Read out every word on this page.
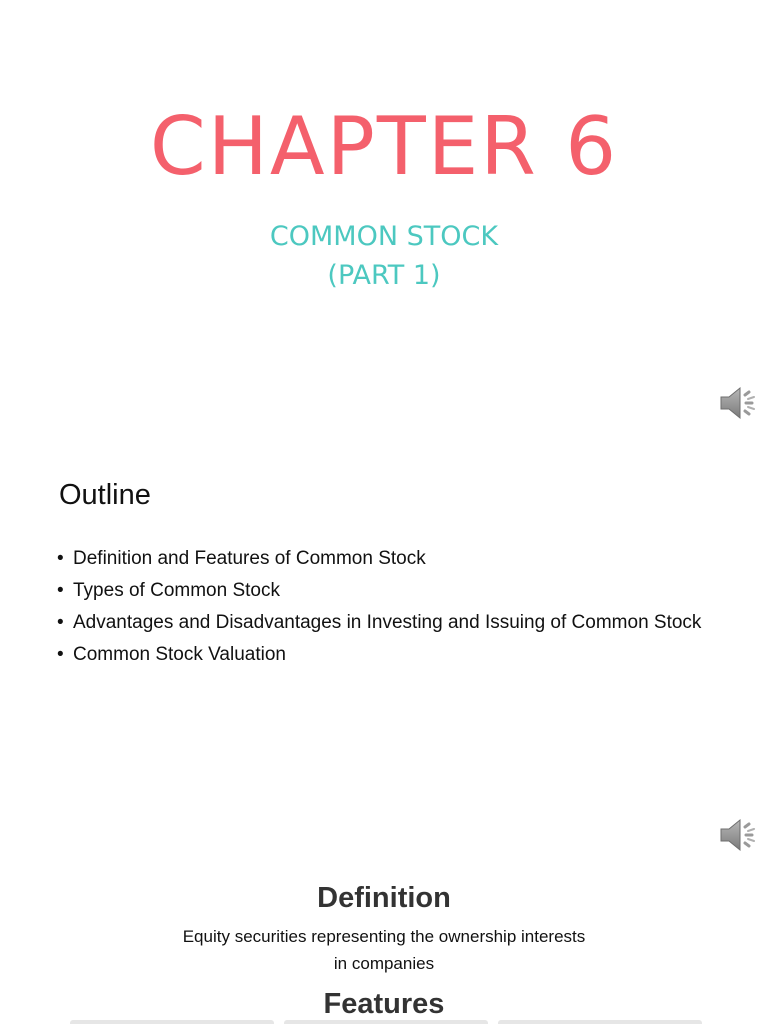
CHAPTER 6
COMMON STOCK
(PART 1)
Outline
• Definition and Features of Common Stock
• Types of Common Stock
• Advantages and Disadvantages in Investing and Issuing of Common Stock
• Common Stock Valuation
Definition
Equity securities representing the ownership interests
in companies
Features
